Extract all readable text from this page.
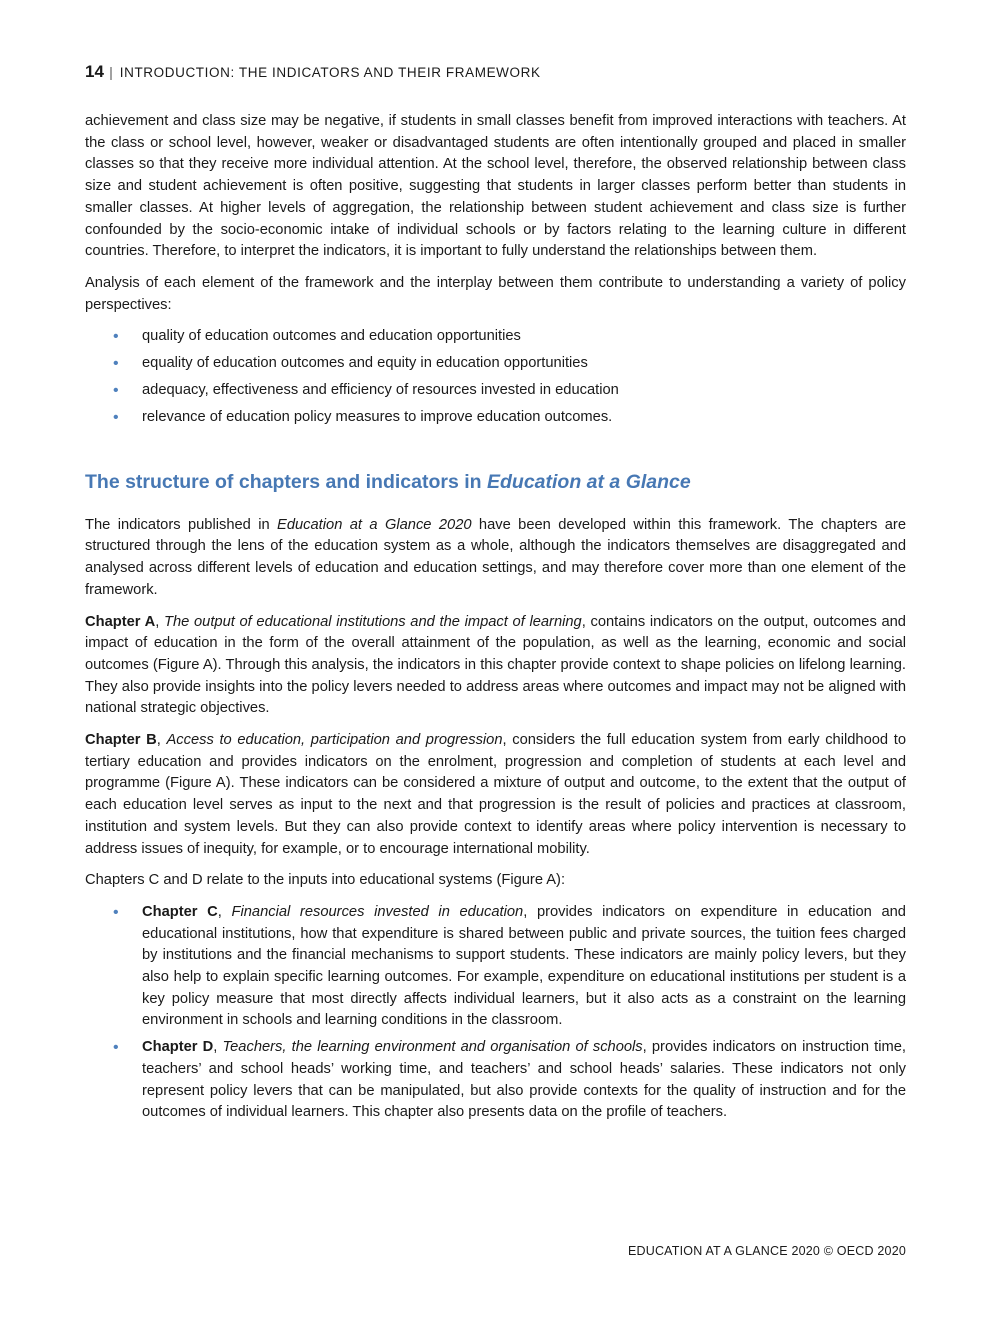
14 | INTRODUCTION: THE INDICATORS AND THEIR FRAMEWORK

achievement and class size may be negative, if students in small classes benefit from improved interactions with teachers. At the class or school level, however, weaker or disadvantaged students are often intentionally grouped and placed in smaller classes so that they receive more individual attention. At the school level, therefore, the observed relationship between class size and student achievement is often positive, suggesting that students in larger classes perform better than students in smaller classes. At higher levels of aggregation, the relationship between student achievement and class size is further confounded by the socio-economic intake of individual schools or by factors relating to the learning culture in different countries. Therefore, to interpret the indicators, it is important to fully understand the relationships between them.

Analysis of each element of the framework and the interplay between them contribute to understanding a variety of policy perspectives:

• quality of education outcomes and education opportunities
• equality of education outcomes and equity in education opportunities
• adequacy, effectiveness and efficiency of resources invested in education
• relevance of education policy measures to improve education outcomes.
The structure of chapters and indicators in Education at a Glance

The indicators published in Education at a Glance 2020 have been developed within this framework. The chapters are structured through the lens of the education system as a whole, although the indicators themselves are disaggregated and analysed across different levels of education and education settings, and may therefore cover more than one element of the framework.

Chapter A, The output of educational institutions and the impact of learning, contains indicators on the output, outcomes and impact of education in the form of the overall attainment of the population, as well as the learning, economic and social outcomes (Figure A). Through this analysis, the indicators in this chapter provide context to shape policies on lifelong learning. They also provide insights into the policy levers needed to address areas where outcomes and impact may not be aligned with national strategic objectives.

Chapter B, Access to education, participation and progression, considers the full education system from early childhood to tertiary education and provides indicators on the enrolment, progression and completion of students at each level and programme (Figure A). These indicators can be considered a mixture of output and outcome, to the extent that the output of each education level serves as input to the next and that progression is the result of policies and practices at classroom, institution and system levels. But they can also provide context to identify areas where policy intervention is necessary to address issues of inequity, for example, or to encourage international mobility.

Chapters C and D relate to the inputs into educational systems (Figure A):

• Chapter C, Financial resources invested in education, provides indicators on expenditure in education and educational institutions, how that expenditure is shared between public and private sources, the tuition fees charged by institutions and the financial mechanisms to support students. These indicators are mainly policy levers, but they also help to explain specific learning outcomes. For example, expenditure on educational institutions per student is a key policy measure that most directly affects individual learners, but it also acts as a constraint on the learning environment in schools and learning conditions in the classroom.
• Chapter D, Teachers, the learning environment and organisation of schools, provides indicators on instruction time, teachers’ and school heads’ working time, and teachers’ and school heads’ salaries. These indicators not only represent policy levers that can be manipulated, but also provide contexts for the quality of instruction and for the outcomes of individual learners. This chapter also presents data on the profile of teachers.
EDUCATION AT A GLANCE 2020 © OECD 2020
